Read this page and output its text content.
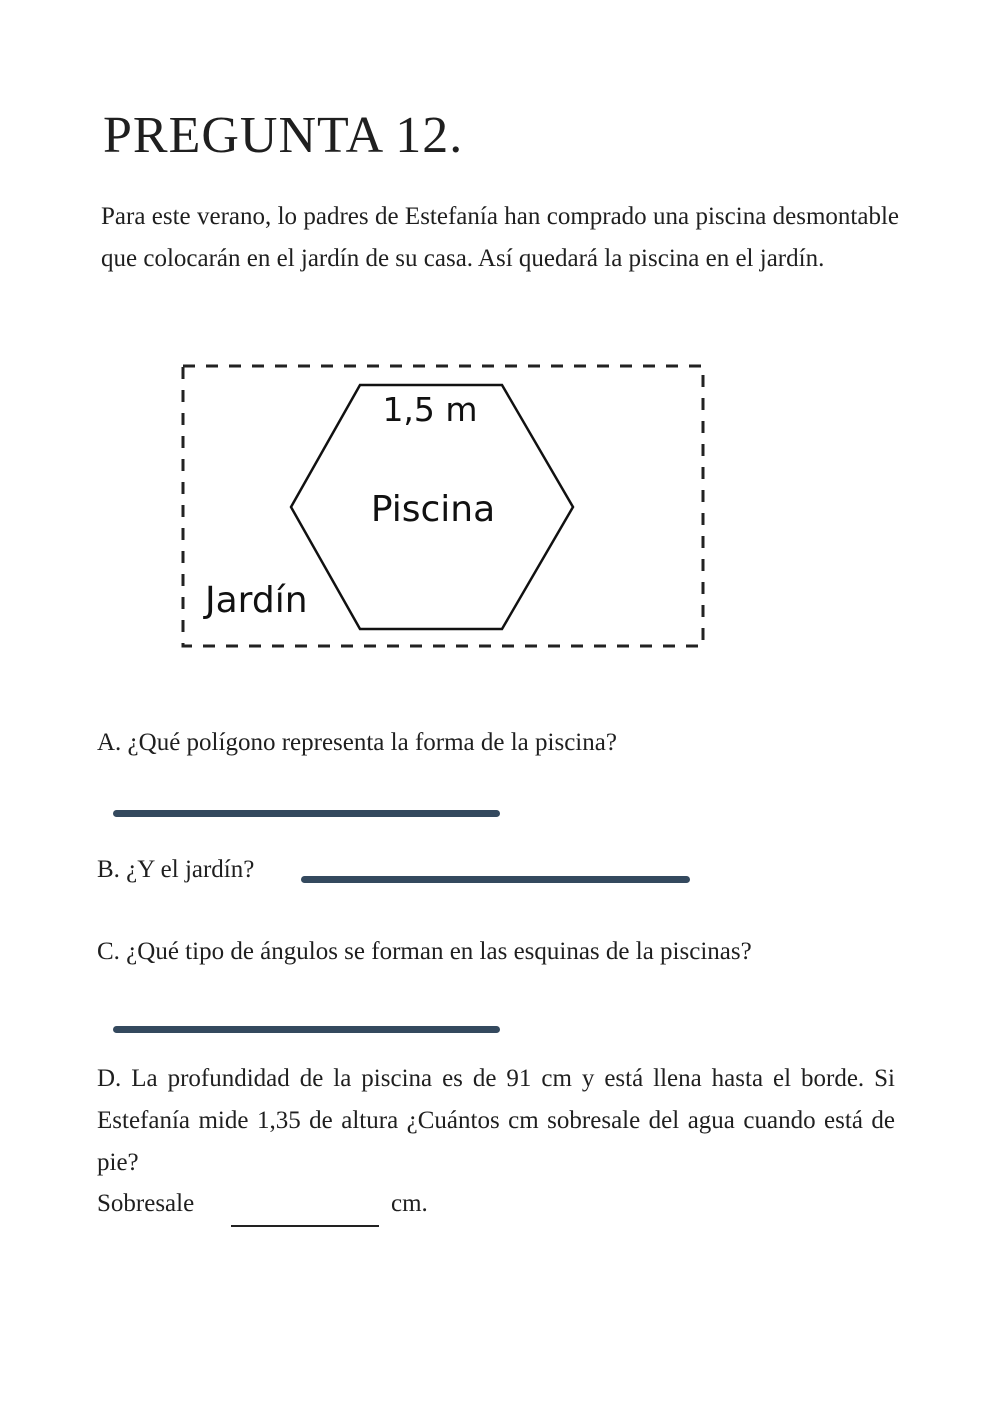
PREGUNTA 12.

Para este verano, lo padres de Estefanía han comprado una piscina desmontable que colocarán en el jardín de su casa. Así quedará la piscina en el jardín.

1,5 m
Piscina
Jardín

A. ¿Qué polígono representa la forma de la piscina?

B. ¿Y el jardín?

C. ¿Qué tipo de ángulos se forman en las esquinas de la piscinas?

D. La profundidad de la piscina es de 91 cm y está llena hasta el borde. Si Estefanía mide 1,35 de altura ¿Cuántos cm sobresale del agua cuando está de pie?

Sobresale	cm.
